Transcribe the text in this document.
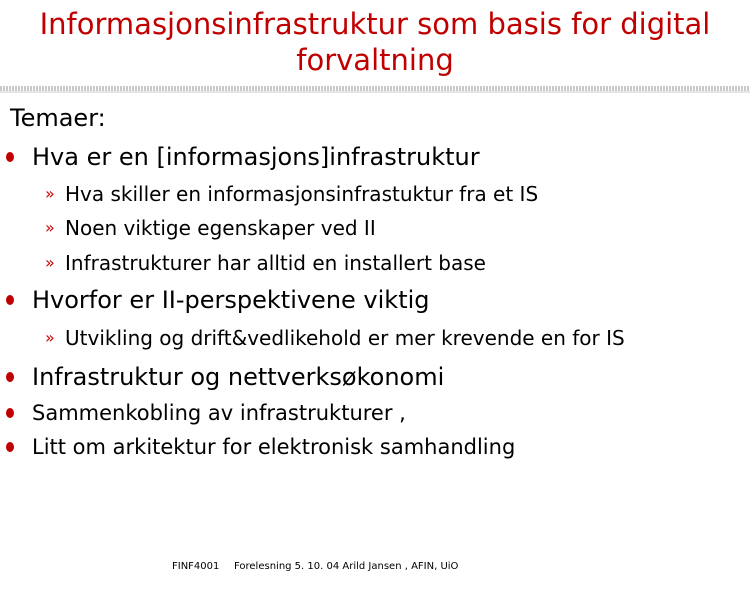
Informasjonsinfrastruktur som basis for digital
forvaltning
Temaer:
Hva er en [informasjons]infrastruktur
» Hva skiller en informasjonsinfrastuktur fra et IS
» Noen viktige egenskaper ved II
» Infrastrukturer har alltid en installert base
Hvorfor er II-perspektivene viktig
» Utvikling og drift&vedlikehold er mer krevende en for IS
Infrastruktur og nettverksøkonomi
Sammenkobling av infrastrukturer ,
Litt om arkitektur for elektronisk samhandling
FINF4001 Forelesning 5. 10. 04 Arild Jansen , AFIN, UiO
